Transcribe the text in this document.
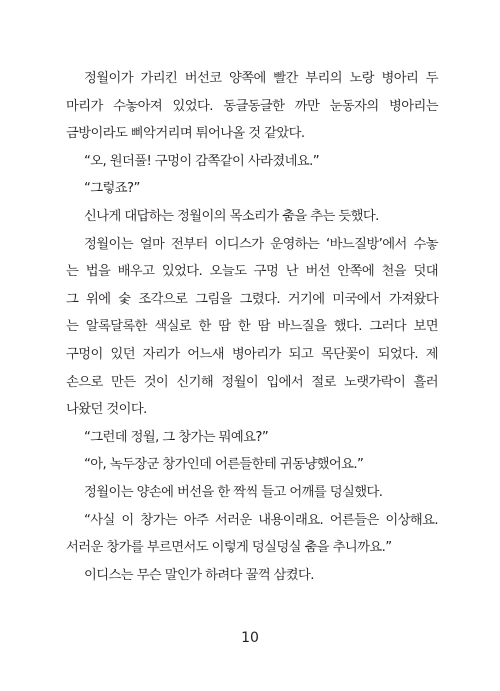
정월이가 가리킨 버선코 양쪽에 빨간 부리의 노랑 병아리 두
마리가 수놓아져 있었다. 동글동글한 까만 눈동자의 병아리는
금방이라도 삐악거리며 튀어나올 것 같았다.
“오, 원더풀! 구멍이 감쪽같이 사라졌네요.”
“그렇죠?”
신나게 대답하는 정월이의 목소리가 춤을 추는 듯했다.
정월이는 얼마 전부터 이디스가 운영하는 ‘바느질방’에서 수놓
는 법을 배우고 있었다. 오늘도 구멍 난 버선 안쪽에 천을 덧대
그 위에 숯 조각으로 그림을 그렸다. 거기에 미국에서 가져왔다
는 알록달록한 색실로 한 땀 한 땀 바느질을 했다. 그러다 보면
구멍이 있던 자리가 어느새 병아리가 되고 목단꽃이 되었다. 제
손으로 만든 것이 신기해 정월이 입에서 절로 노랫가락이 흘러
나왔던 것이다.
“그런데 정월, 그 창가는 뭐예요?”
“아, 녹두장군 창가인데 어른들한테 귀동냥했어요.”
정월이는 양손에 버선을 한 짝씩 들고 어깨를 덩실했다.
“사실 이 창가는 아주 서러운 내용이래요. 어른들은 이상해요.
서러운 창가를 부르면서도 이렇게 덩실덩실 춤을 추니까요.”
이디스는 무슨 말인가 하려다 꿀꺽 삼켰다.
10
